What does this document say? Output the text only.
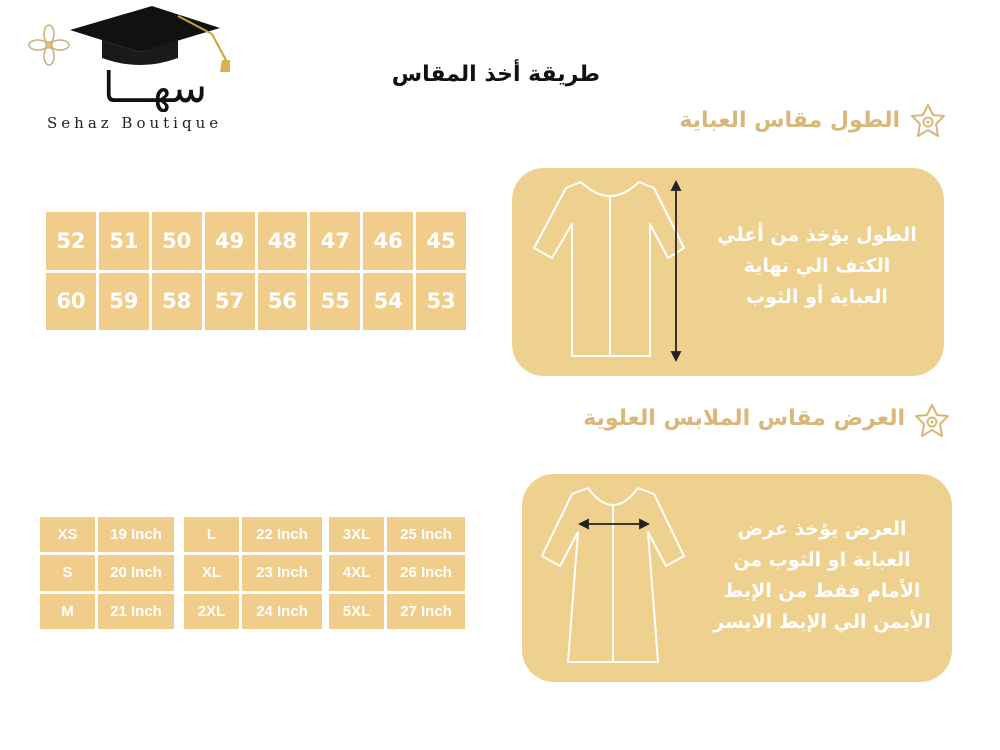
سهـــا
Sehaz Boutique
طريقة أخذ المقاس
الطول مقاس العباية
52	51	50	49	48	47	46	45
60	59	58	57	56	55	54	53
الطول يؤخذ من أعلي
الكتف الي نهاية
العباية أو الثوب
العرض مقاس الملابس العلوية
XS	19 Inch
S	20 Inch
M	21 Inch
L	22 Inch
XL	23 Inch
2XL	24 Inch
3XL	25 Inch
4XL	26 Inch
5XL	27 Inch
العرض يؤخذ عرض
العباية او الثوب من
الأمام فقط من الإبط
الأيمن الي الإبط الايسر
